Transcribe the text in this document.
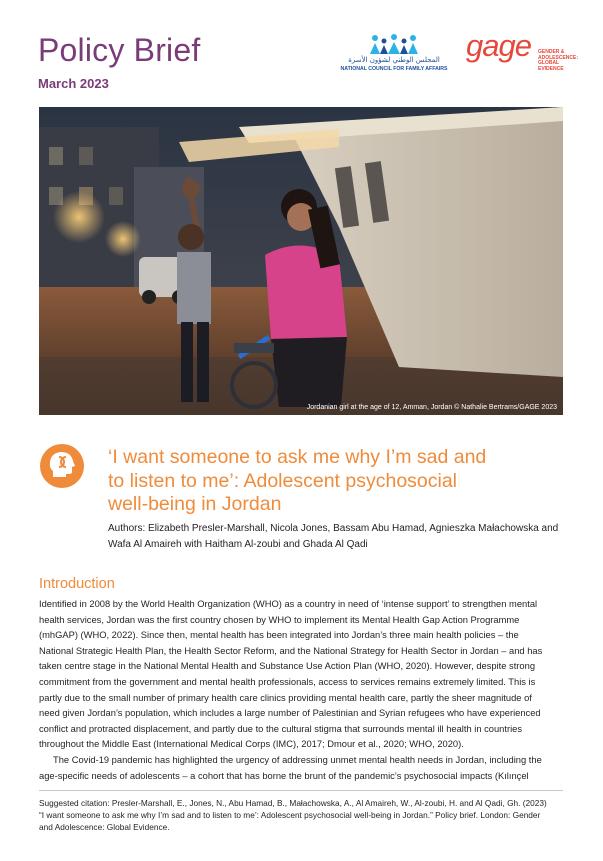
Policy Brief
March 2023
المجلس الوطني لشؤون الأسرة
NATIONAL COUNCIL FOR FAMILY AFFAIRS
gage GENDER &
ADOLESCENCE:
GLOBAL
EVIDENCE
Jordanian girl at the age of 12, Amman, Jordan © Nathalie Bertrams/GAGE 2023
‘I want someone to ask me why I’m sad and
to listen to me’: Adolescent psychosocial
well-being in Jordan
Authors: Elizabeth Presler-Marshall, Nicola Jones, Bassam Abu Hamad, Agnieszka Małachowska and
Wafa Al Amaireh with Haitham Al-zoubi and Ghada Al Qadi
Introduction
Identified in 2008 by the World Health Organization (WHO) as a country in need of ‘intense support’ to strengthen mental
health services, Jordan was the first country chosen by WHO to implement its Mental Health Gap Action Programme
(mhGAP) (WHO, 2022). Since then, mental health has been integrated into Jordan’s three main health policies – the
National Strategic Health Plan, the Health Sector Reform, and the National Strategy for Health Sector in Jordan – and has
taken centre stage in the National Mental Health and Substance Use Action Plan (WHO, 2020). However, despite strong
commitment from the government and mental health professionals, access to services remains extremely limited. This is
partly due to the small number of primary health care clinics providing mental health care, partly the sheer magnitude of
need given Jordan’s population, which includes a large number of Palestinian and Syrian refugees who have experienced
conflict and protracted displacement, and partly due to the cultural stigma that surrounds mental ill health in countries
throughout the Middle East (International Medical Corps (IMC), 2017; Dmour et al., 2020; WHO, 2020).
The Covid-19 pandemic has highlighted the urgency of addressing unmet mental health needs in Jordan, including the
age-specific needs of adolescents – a cohort that has borne the brunt of the pandemic’s psychosocial impacts (Kılınçel
Suggested citation: Presler-Marshall, E., Jones, N., Abu Hamad, B., Małachowska, A., Al Amaireh, W., Al-zoubi, H. and Al Qadi, Gh. (2023)
“I want someone to ask me why I’m sad and to listen to me’: Adolescent psychosocial well-being in Jordan.” Policy brief. London: Gender
and Adolescence: Global Evidence.
